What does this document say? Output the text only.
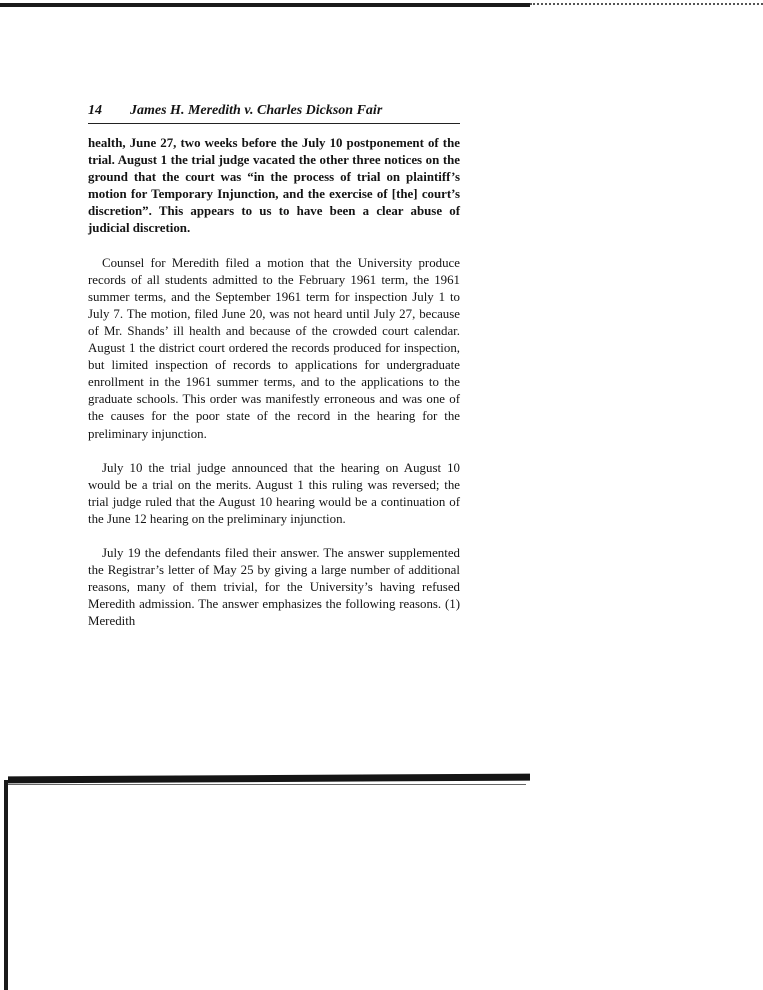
14 James H. Meredith v. Charles Dickson Fair

health, June 27, two weeks before the July 10 postponement of the trial. August 1 the trial judge vacated the other three notices on the ground that the court was “in the process of trial on plaintiff’s motion for Temporary Injunction, and the exercise of [the] court’s discretion”. This appears to us to have been a clear abuse of judicial discretion.

Counsel for Meredith filed a motion that the University produce records of all students admitted to the February 1961 term, the 1961 summer terms, and the September 1961 term for inspection July 1 to July 7. The motion, filed June 20, was not heard until July 27, because of Mr. Shands’ ill health and because of the crowded court calendar. August 1 the district court ordered the records produced for inspection, but limited inspection of records to applications for undergraduate enrollment in the 1961 summer terms, and to the applications to the graduate schools. This order was manifestly erroneous and was one of the causes for the poor state of the record in the hearing for the preliminary injunction.

July 10 the trial judge announced that the hearing on August 10 would be a trial on the merits. August 1 this ruling was reversed; the trial judge ruled that the August 10 hearing would be a continuation of the June 12 hearing on the preliminary injunction.

July 19 the defendants filed their answer. The answer supplemented the Registrar’s letter of May 25 by giving a large number of additional reasons, many of them trivial, for the University’s having refused Meredith admission. The answer emphasizes the following reasons. (1) Meredith
